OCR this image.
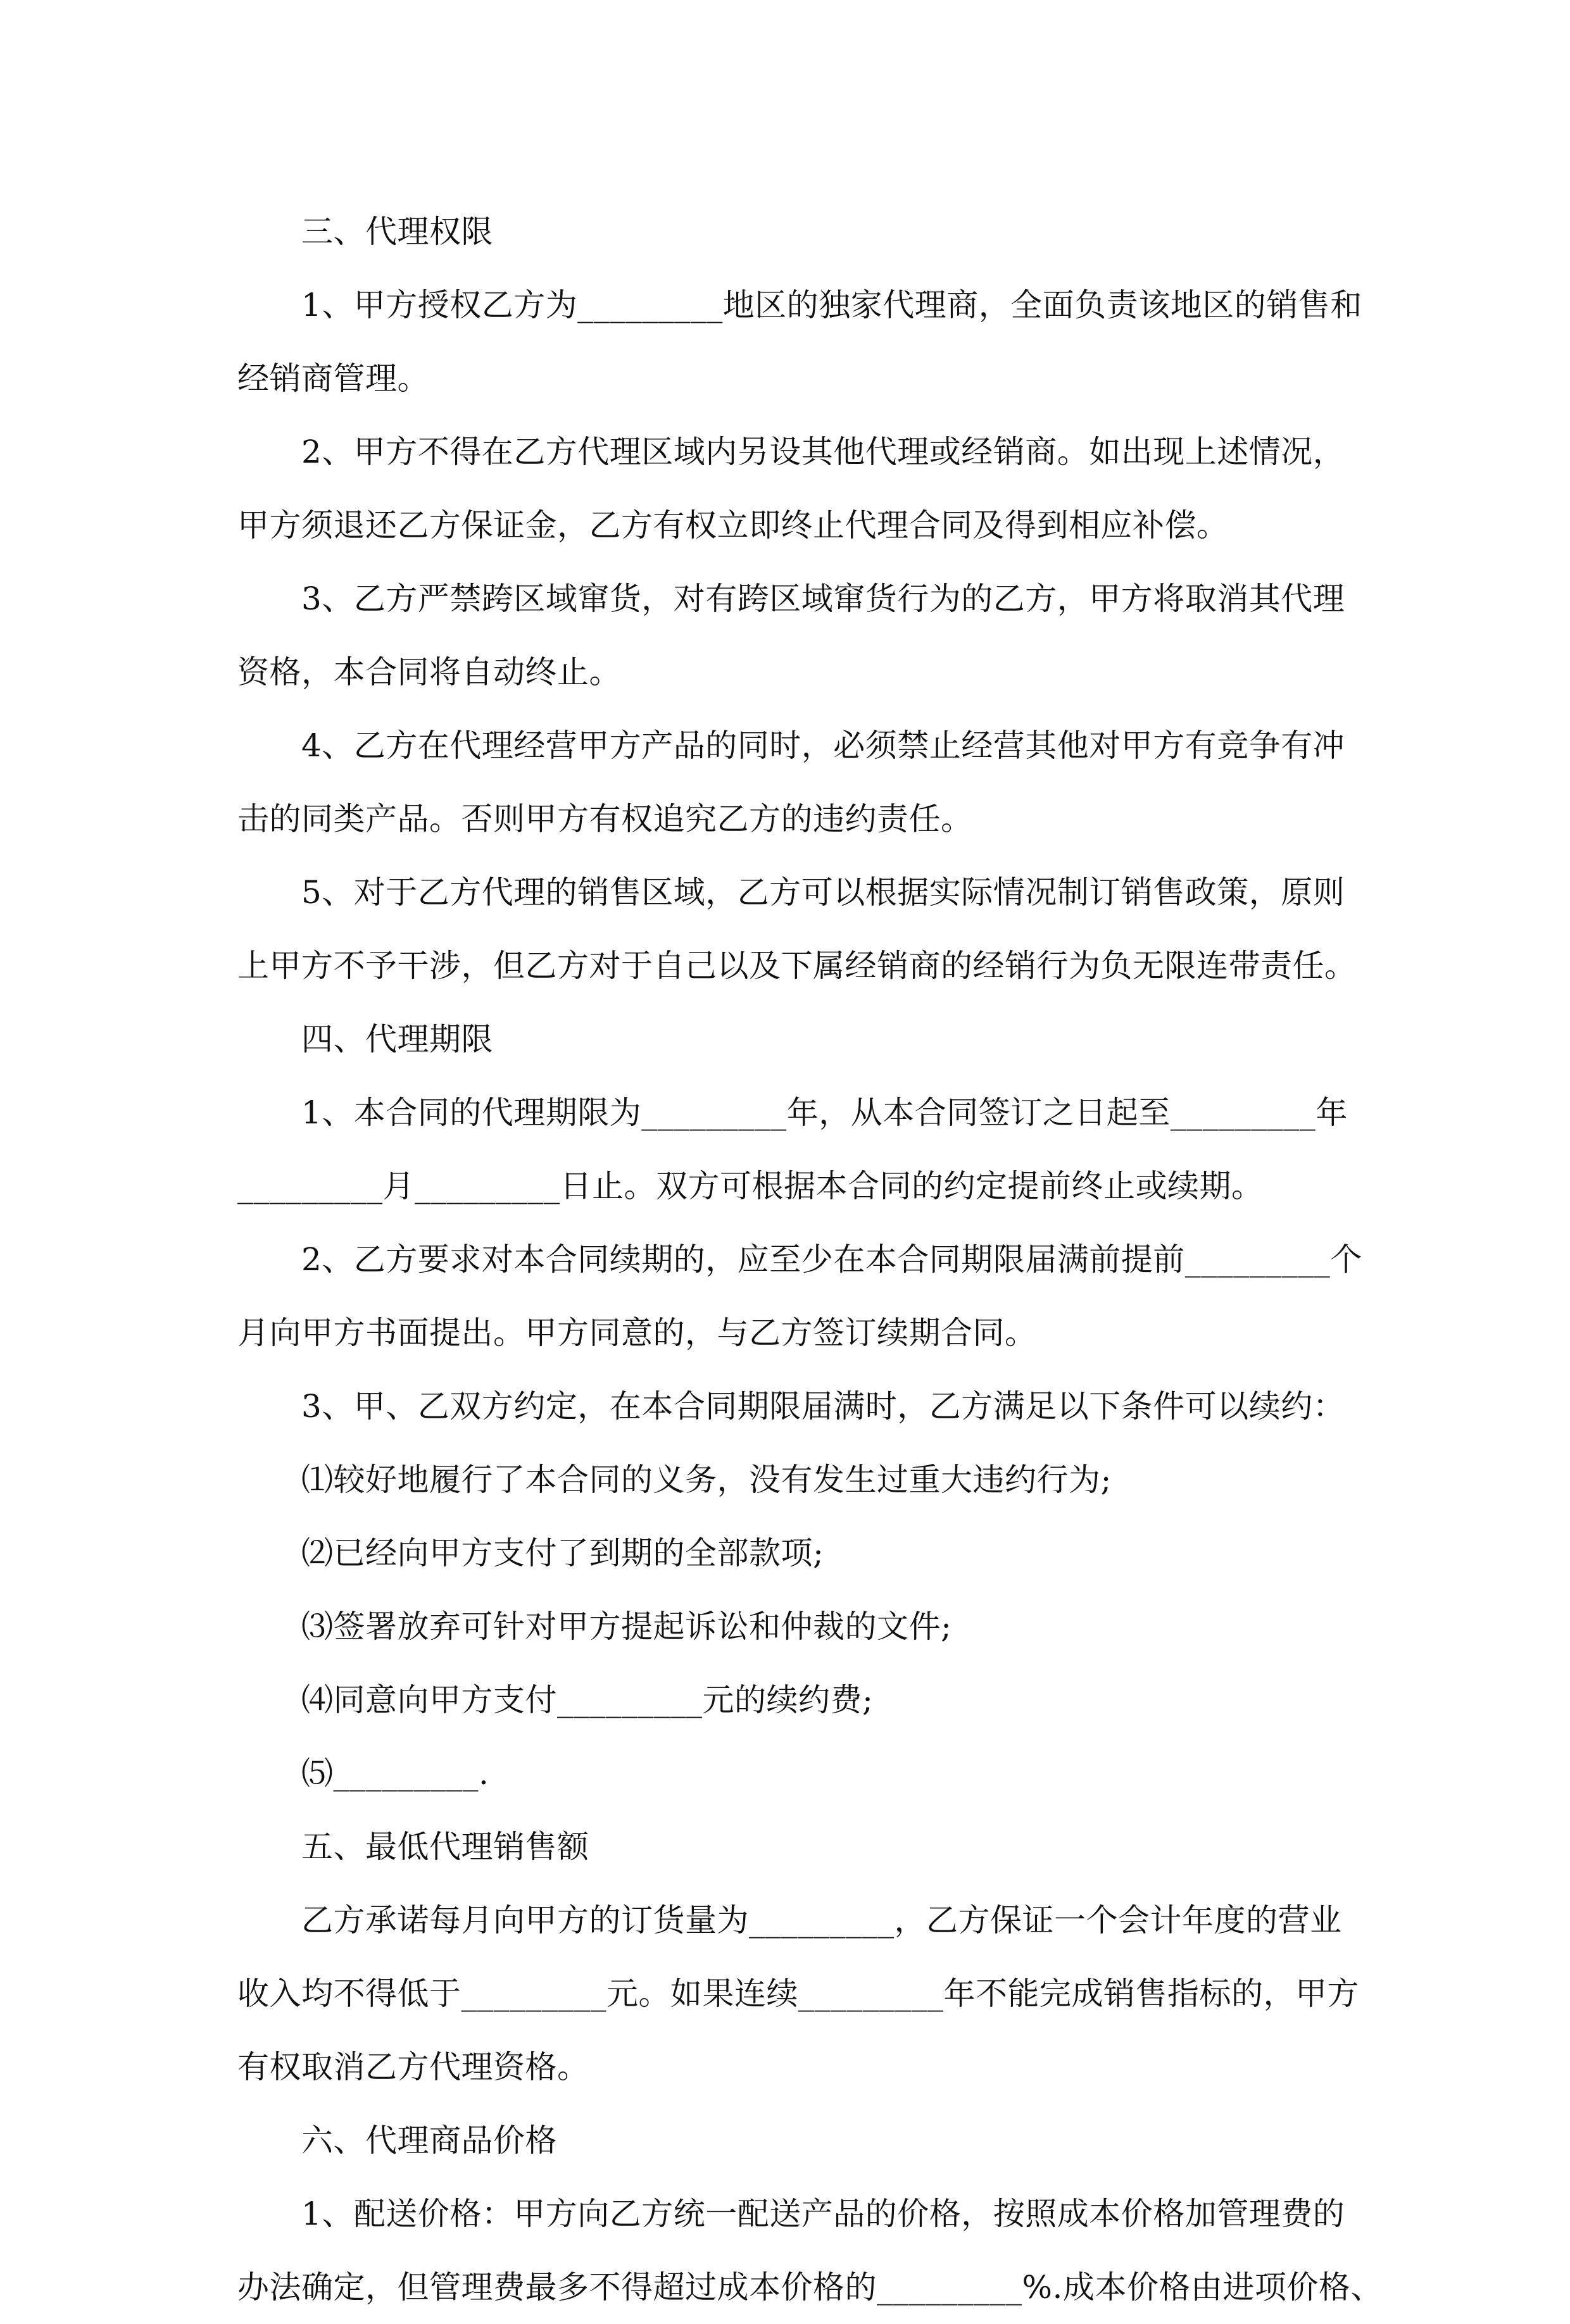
三、代理权限

1、甲方授权乙方为_________地区的独家代理商，全面负责该地区的销售和

经销商管理。

2、甲方不得在乙方代理区域内另设其他代理或经销商。如出现上述情况，

甲方须退还乙方保证金，乙方有权立即终止代理合同及得到相应补偿。

3、乙方严禁跨区域窜货，对有跨区域窜货行为的乙方，甲方将取消其代理

资格，本合同将自动终止。

4、乙方在代理经营甲方产品的同时，必须禁止经营其他对甲方有竞争有冲

击的同类产品。否则甲方有权追究乙方的违约责任。

5、对于乙方代理的销售区域，乙方可以根据实际情况制订销售政策，原则

上甲方不予干涉，但乙方对于自己以及下属经销商的经销行为负无限连带责任。

四、代理期限

1、本合同的代理期限为_________年，从本合同签订之日起至_________年

_________月_________日止。双方可根据本合同的约定提前终止或续期。

2、乙方要求对本合同续期的，应至少在本合同期限届满前提前_________个

月向甲方书面提出。甲方同意的，与乙方签订续期合同。

3、甲、乙双方约定，在本合同期限届满时，乙方满足以下条件可以续约：

⑴较好地履行了本合同的义务，没有发生过重大违约行为;

⑵已经向甲方支付了到期的全部款项;

⑶签署放弃可针对甲方提起诉讼和仲裁的文件;

⑷同意向甲方支付_________元的续约费;

⑸_________.

五、最低代理销售额

乙方承诺每月向甲方的订货量为_________，乙方保证一个会计年度的营业

收入均不得低于_________元。如果连续_________年不能完成销售指标的，甲方

有权取消乙方代理资格。

六、代理商品价格

1、配送价格：甲方向乙方统一配送产品的价格，按照成本价格加管理费的

办法确定，但管理费最多不得超过成本价格的_________%.成本价格由进项价格、
